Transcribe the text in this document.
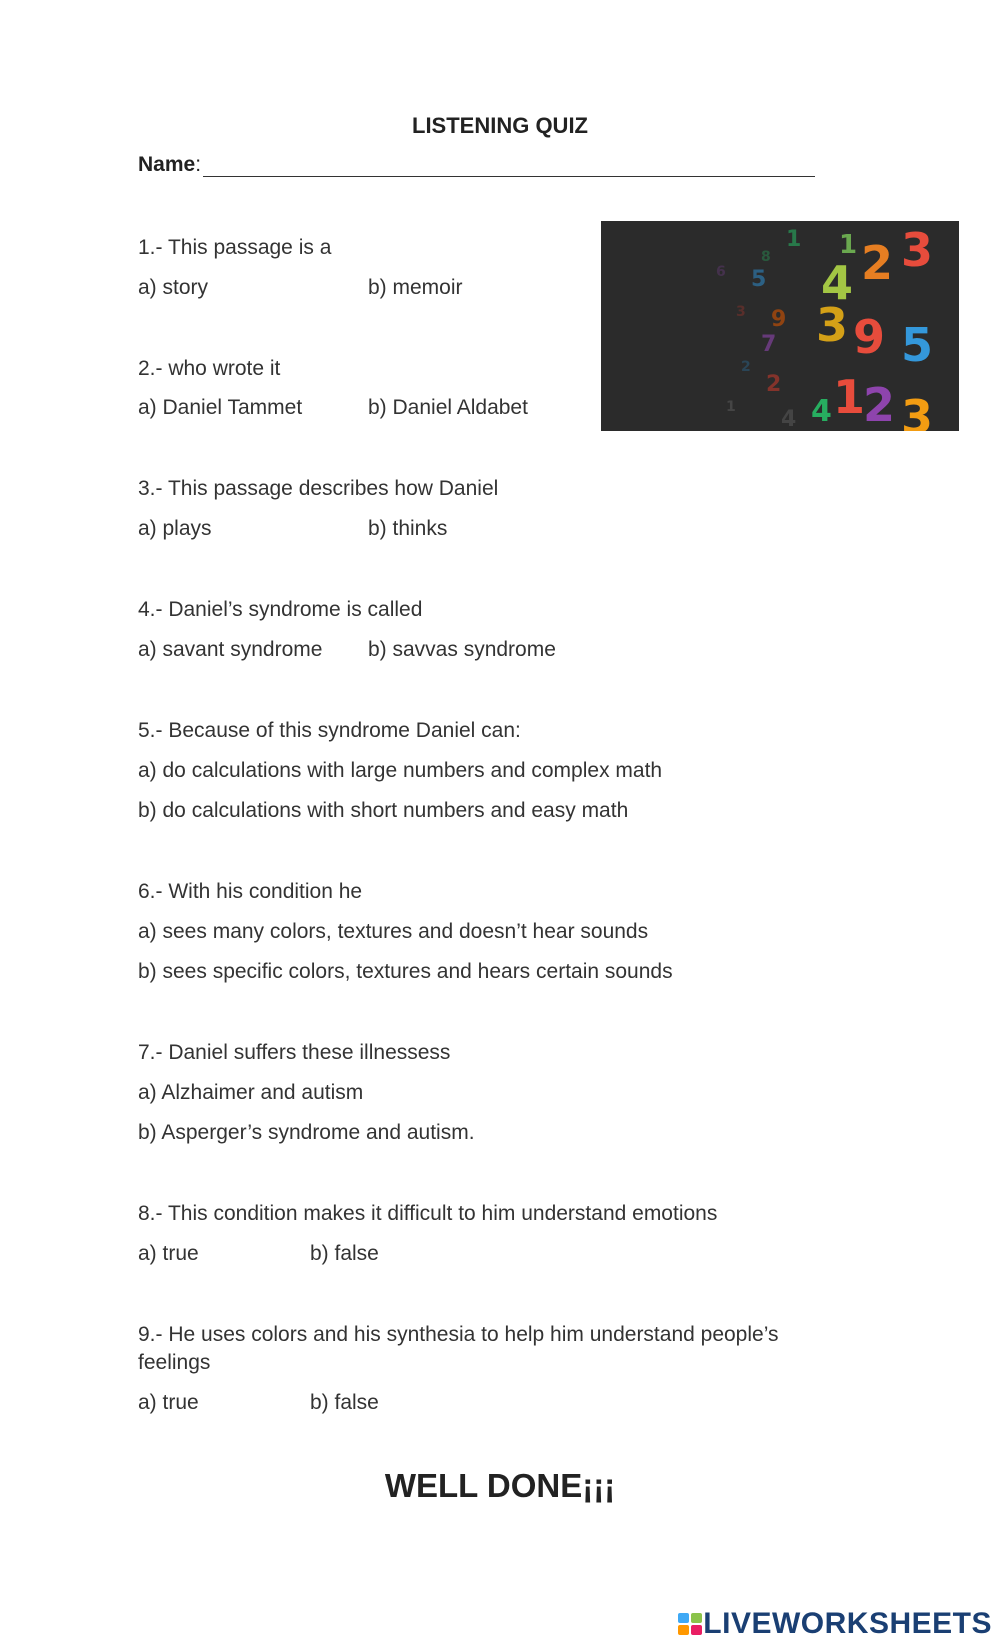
LISTENING QUIZ
Name :
1.- This passage is a
a) story	b) memoir
2.- who wrote it
a) Daniel Tammet	b) Daniel Aldabet
3.- This passage describes how Daniel
a) plays	b) thinks
4.- Daniel’s syndrome is called
a) savant syndrome b) savvas syndrome
5.- Because of this syndrome Daniel can:
a) do calculations with large numbers and complex math
b) do calculations with short numbers and easy math
6.- With his condition he
a) sees many colors, textures and doesn’t hear sounds
b) sees specific colors, textures and hears certain sounds
7.- Daniel suffers these illnessess
a) Alzhaimer and autism
b) Asperger’s syndrome and autism.
8.- This condition makes it difficult to him understand emotions
a) true	b) false
9.- He uses colors and his synthesia to help him understand people’s feelings
a) true	b) false
WELL DONE¡¡¡
LIVEWORKSHEETS
